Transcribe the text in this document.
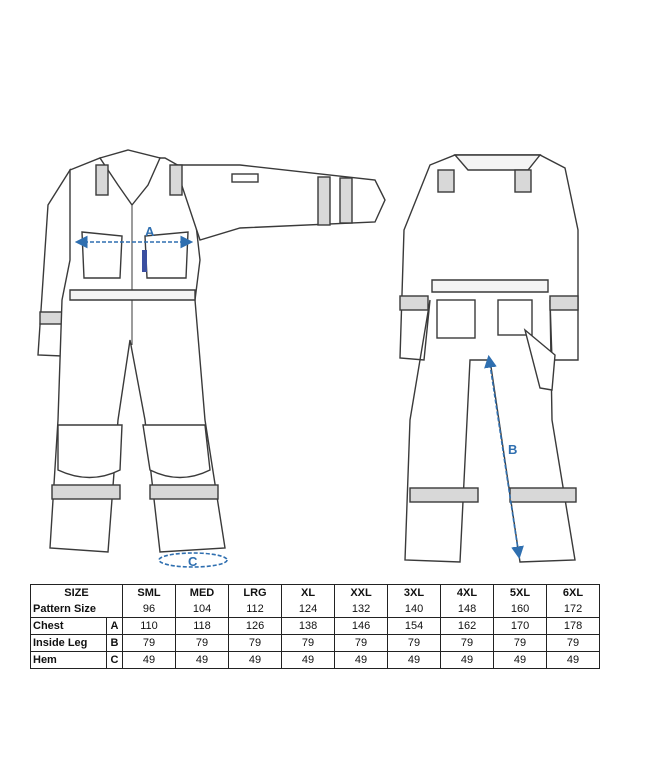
A
B
C
SIZE		SML	MED	LRG	XL	XXL	3XL	4XL	5XL	6XL
Pattern Size		96	104	112	124	132	140	148	160	172
Chest	A	110	118	126	138	146	154	162	170	178
Inside Leg	B	79	79	79	79	79	79	79	79	79
Hem	C	49	49	49	49	49	49	49	49	49
